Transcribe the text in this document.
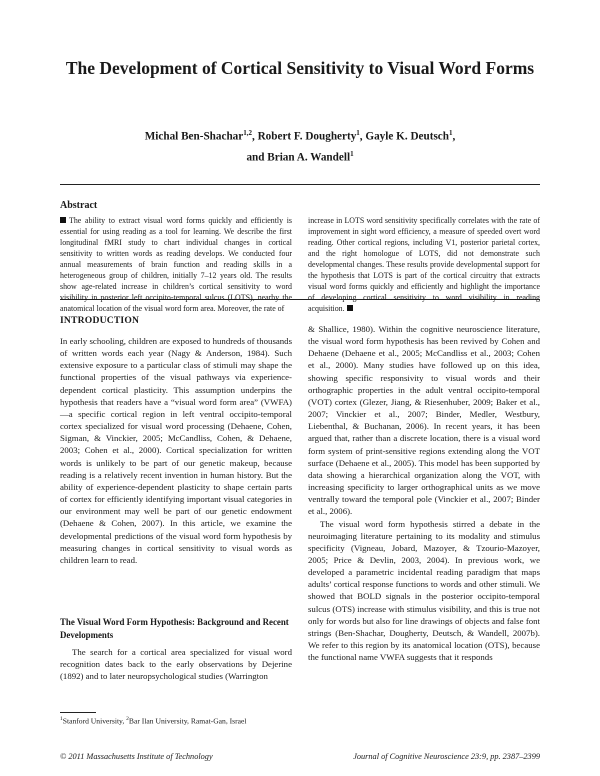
The Development of Cortical Sensitivity to Visual Word Forms
Michal Ben-Shachar$^{1,2}$, Robert F. Dougherty$^1$, Gayle K. Deutsch$^1$,
and Brian A. Wandell$^1$
Abstract
The ability to extract visual word forms quickly and efficiently is essential for using reading as a tool for learning. We describe the first longitudinal fMRI study to chart individual changes in cortical sensitivity to written words as reading develops. We conducted four annual measurements of brain function and reading skills in a heterogeneous group of children, initially 7–12 years old. The results show age-related increase in children’s cortical sensitivity to word visibility in posterior left occipito-temporal sulcus (LOTS), nearby the anatomical location of the visual word form area. Moreover, the rate of
increase in LOTS word sensitivity specifically correlates with the rate of improvement in sight word efficiency, a measure of speeded overt word reading. Other cortical regions, including V1, posterior parietal cortex, and the right homologue of LOTS, did not demonstrate such developmental changes. These results provide developmental support for the hypothesis that LOTS is part of the cortical circuitry that extracts visual word forms quickly and efficiently and highlight the importance of developing cortical sensitivity to word visibility in reading acquisition.
INTRODUCTION

In early schooling, children are exposed to hundreds of thousands of written words each year (Nagy & Anderson, 1984). Such extensive exposure to a particular class of stimuli may shape the functional properties of the visual pathways via experience-dependent cortical plasticity. This assumption underpins the hypothesis that readers have a “visual word form area” (VWFA)—a specific cortical region in left ventral occipito-temporal cortex specialized for visual word processing (Dehaene, Cohen, Sigman, & Vinckier, 2005; McCandliss, Cohen, & Dehaene, 2003; Cohen et al., 2000). Cortical specialization for written words is unlikely to be part of our genetic makeup, because reading is a relatively recent invention in human history. But the ability of experience-dependent plasticity to shape certain parts of cortex for efficiently identifying important visual categories in our environment may well be part of our genetic endowment (Dehaene & Cohen, 2007). In this article, we examine the developmental predictions of the visual word form hypothesis by measuring changes in cortical sensitivity to visual words as children learn to read.

The Visual Word Form Hypothesis: Background and Recent Developments

The search for a cortical area specialized for visual word recognition dates back to the early observations by Dejerine (1892) and to later neuropsychological studies (Warrington

& Shallice, 1980). Within the cognitive neuroscience literature, the visual word form hypothesis has been revived by Cohen and Dehaene (Dehaene et al., 2005; McCandliss et al., 2003; Cohen et al., 2000). Many studies have followed up on this idea, showing specific responsivity to visual words and their orthographic properties in the adult ventral occipito-temporal (VOT) cortex (Glezer, Jiang, & Riesenhuber, 2009; Baker et al., 2007; Vinckier et al., 2007; Binder, Medler, Westbury, Liebenthal, & Buchanan, 2006). In recent years, it has been argued that, rather than a discrete location, there is a visual word form system of print-sensitive regions extending along the VOT surface (Dehaene et al., 2005). This model has been supported by data showing a hierarchical organization along the VOT, with increasing specificity to larger orthographical units as we move ventrally toward the temporal pole (Vinckier et al., 2007; Binder et al., 2006).

The visual word form hypothesis stirred a debate in the neuroimaging literature pertaining to its modality and stimulus specificity (Vigneau, Jobard, Mazoyer, & Tzourio-Mazoyer, 2005; Price & Devlin, 2003, 2004). In previous work, we developed a parametric incidental reading paradigm that maps adults’ cortical response functions to words and other stimuli. We showed that BOLD signals in the posterior occipito-temporal sulcus (OTS) increase with stimulus visibility, and this is true not only for words but also for line drawings of objects and false font strings (Ben-Shachar, Dougherty, Deutsch, & Wandell, 2007b). We refer to this region by its anatomical location (OTS), because the functional name VWFA suggests that it responds

$^1$Stanford University, $^2$Bar Ilan University, Ramat-Gan, Israel
© 2011 Massachusetts Institute of Technology	Journal of Cognitive Neuroscience 23:9, pp. 2387–2399
